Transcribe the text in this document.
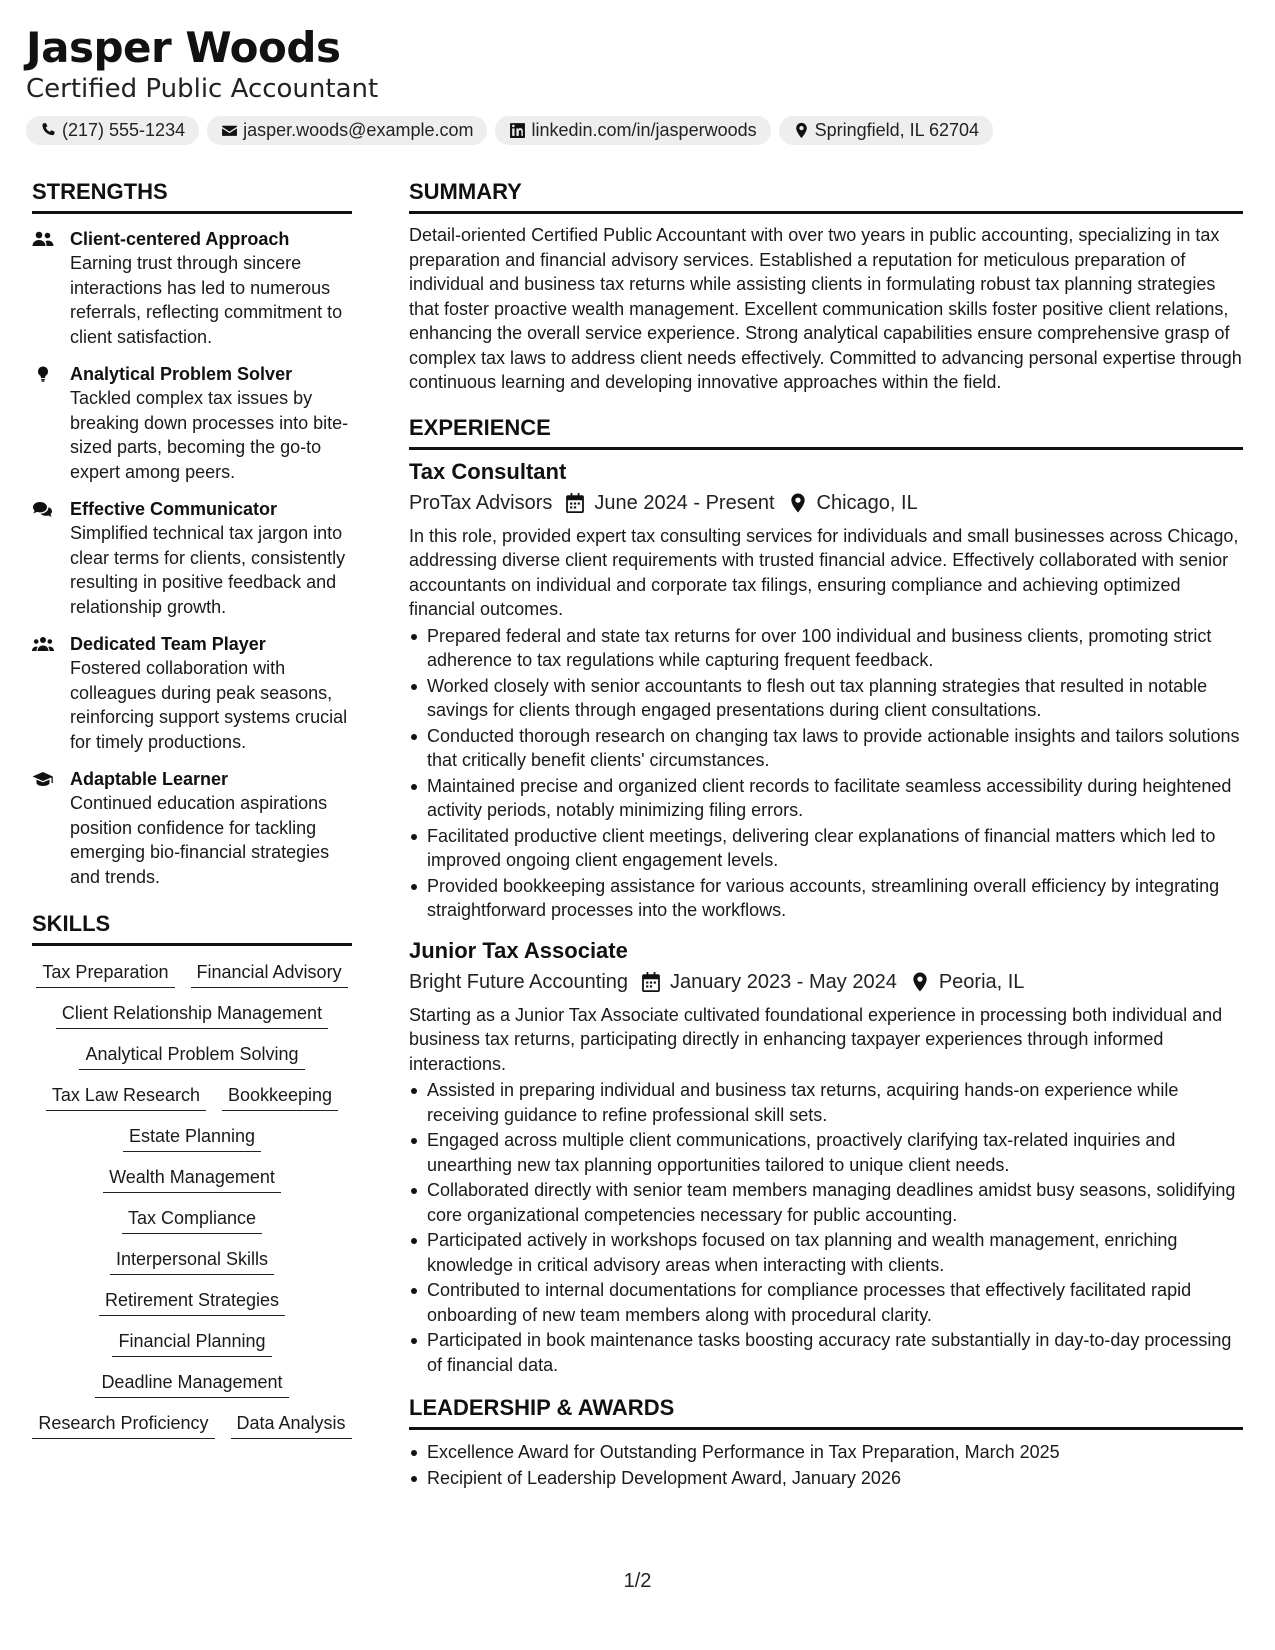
Jasper Woods
Certified Public Accountant
(217) 555-1234	jasper.woods@example.com	linkedin.com/in/jasperwoods	Springfield, IL 62704
STRENGTHS
Client-centered Approach
Earning trust through sincere interactions has led to numerous referrals, reflecting commitment to client satisfaction.
Analytical Problem Solver
Tackled complex tax issues by breaking down processes into bite-sized parts, becoming the go-to expert among peers.
Effective Communicator
Simplified technical tax jargon into clear terms for clients, consistently resulting in positive feedback and relationship growth.
Dedicated Team Player
Fostered collaboration with colleagues during peak seasons, reinforcing support systems crucial for timely productions.
Adaptable Learner
Continued education aspirations position confidence for tackling emerging bio-financial strategies and trends.
SKILLS
Tax Preparation	Financial Advisory
Client Relationship Management
Analytical Problem Solving
Tax Law Research	Bookkeeping
Estate Planning
Wealth Management
Tax Compliance
Interpersonal Skills
Retirement Strategies
Financial Planning
Deadline Management
Research Proficiency	Data Analysis
SUMMARY
Detail-oriented Certified Public Accountant with over two years in public accounting, specializing in tax preparation and financial advisory services. Established a reputation for meticulous preparation of individual and business tax returns while assisting clients in formulating robust tax planning strategies that foster proactive wealth management. Excellent communication skills foster positive client relations, enhancing the overall service experience. Strong analytical capabilities ensure comprehensive grasp of complex tax laws to address client needs effectively. Committed to advancing personal expertise through continuous learning and developing innovative approaches within the field.
EXPERIENCE
Tax Consultant
ProTax Advisors June 2024 - Present Chicago, IL
In this role, provided expert tax consulting services for individuals and small businesses across Chicago, addressing diverse client requirements with trusted financial advice. Effectively collaborated with senior accountants on individual and corporate tax filings, ensuring compliance and achieving optimized financial outcomes.
Prepared federal and state tax returns for over 100 individual and business clients, promoting strict adherence to tax regulations while capturing frequent feedback.
Worked closely with senior accountants to flesh out tax planning strategies that resulted in notable savings for clients through engaged presentations during client consultations.
Conducted thorough research on changing tax laws to provide actionable insights and tailors solutions that critically benefit clients' circumstances.
Maintained precise and organized client records to facilitate seamless accessibility during heightened activity periods, notably minimizing filing errors.
Facilitated productive client meetings, delivering clear explanations of financial matters which led to improved ongoing client engagement levels.
Provided bookkeeping assistance for various accounts, streamlining overall efficiency by integrating straightforward processes into the workflows.
Junior Tax Associate
Bright Future Accounting January 2023 - May 2024 Peoria, IL
Starting as a Junior Tax Associate cultivated foundational experience in processing both individual and business tax returns, participating directly in enhancing taxpayer experiences through informed interactions.
Assisted in preparing individual and business tax returns, acquiring hands-on experience while receiving guidance to refine professional skill sets.
Engaged across multiple client communications, proactively clarifying tax-related inquiries and unearthing new tax planning opportunities tailored to unique client needs.
Collaborated directly with senior team members managing deadlines amidst busy seasons, solidifying core organizational competencies necessary for public accounting.
Participated actively in workshops focused on tax planning and wealth management, enriching knowledge in critical advisory areas when interacting with clients.
Contributed to internal documentations for compliance processes that effectively facilitated rapid onboarding of new team members along with procedural clarity.
Participated in book maintenance tasks boosting accuracy rate substantially in day-to-day processing of financial data.
LEADERSHIP & AWARDS
Excellence Award for Outstanding Performance in Tax Preparation, March 2025
Recipient of Leadership Development Award, January 2026
1/2
